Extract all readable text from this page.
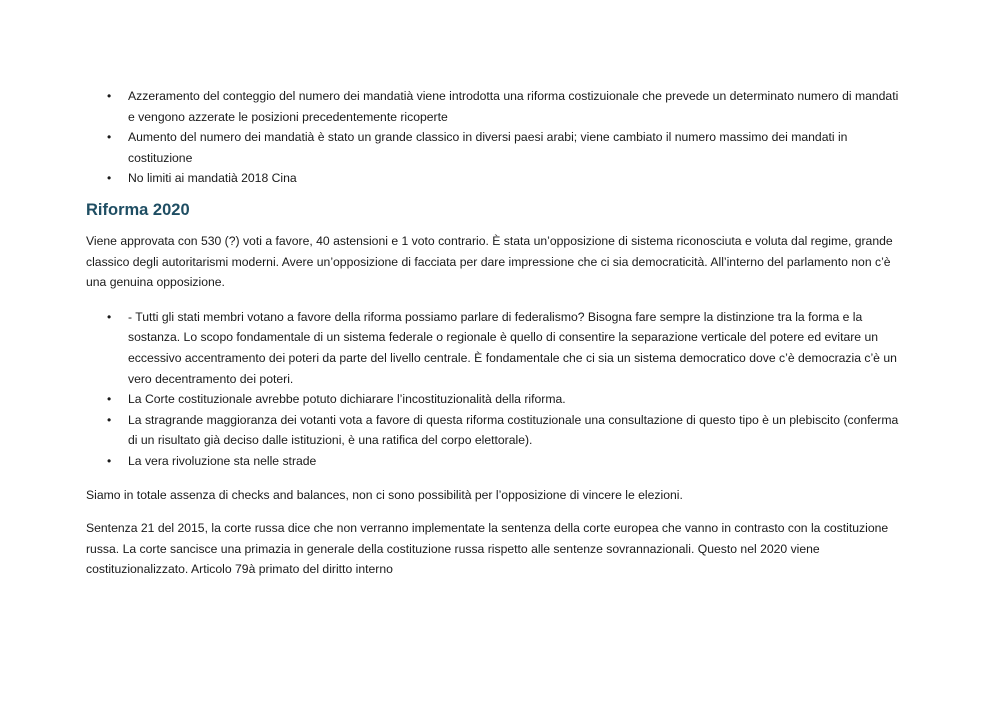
• Azzeramento del conteggio del numero dei mandatià viene introdotta una riforma costizuionale che prevede un determinato numero di mandati e vengono azzerate le posizioni precedentemente ricoperte
• Aumento del numero dei mandatià è stato un grande classico in diversi paesi arabi; viene cambiato il numero massimo dei mandati in costituzione
• No limiti ai mandatià 2018 Cina
Riforma 2020

Viene approvata con 530 (?) voti a favore, 40 astensioni e 1 voto contrario. È stata un’opposizione di sistema riconosciuta e voluta dal regime, grande classico degli autoritarismi moderni. Avere un’opposizione di facciata per dare impressione che ci sia democraticità. All’interno del parlamento non c’è una genuina opposizione.

• - Tutti gli stati membri votano a favore della riforma possiamo parlare di federalismo? Bisogna fare sempre la distinzione tra la forma e la sostanza. Lo scopo fondamentale di un sistema federale o regionale è quello di consentire la separazione verticale del potere ed evitare un eccessivo accentramento dei poteri da parte del livello centrale. È fondamentale che ci sia un sistema democratico dove c’è democrazia c’è un vero decentramento dei poteri.
• La Corte costituzionale avrebbe potuto dichiarare l’incostituzionalità della riforma.
• La stragrande maggioranza dei votanti vota a favore di questa riforma costituzionale una consultazione di questo tipo è un plebiscito (conferma di un risultato già deciso dalle istituzioni, è una ratifica del corpo elettorale).
• La vera rivoluzione sta nelle strade

Siamo in totale assenza di checks and balances, non ci sono possibilità per l’opposizione di vincere le elezioni.

Sentenza 21 del 2015, la corte russa dice che non verranno implementate la sentenza della corte europea che vanno in contrasto con la costituzione russa. La corte sancisce una primazia in generale della costituzione russa rispetto alle sentenze sovrannazionali. Questo nel 2020 viene costituzionalizzato. Articolo 79à primato del diritto interno
